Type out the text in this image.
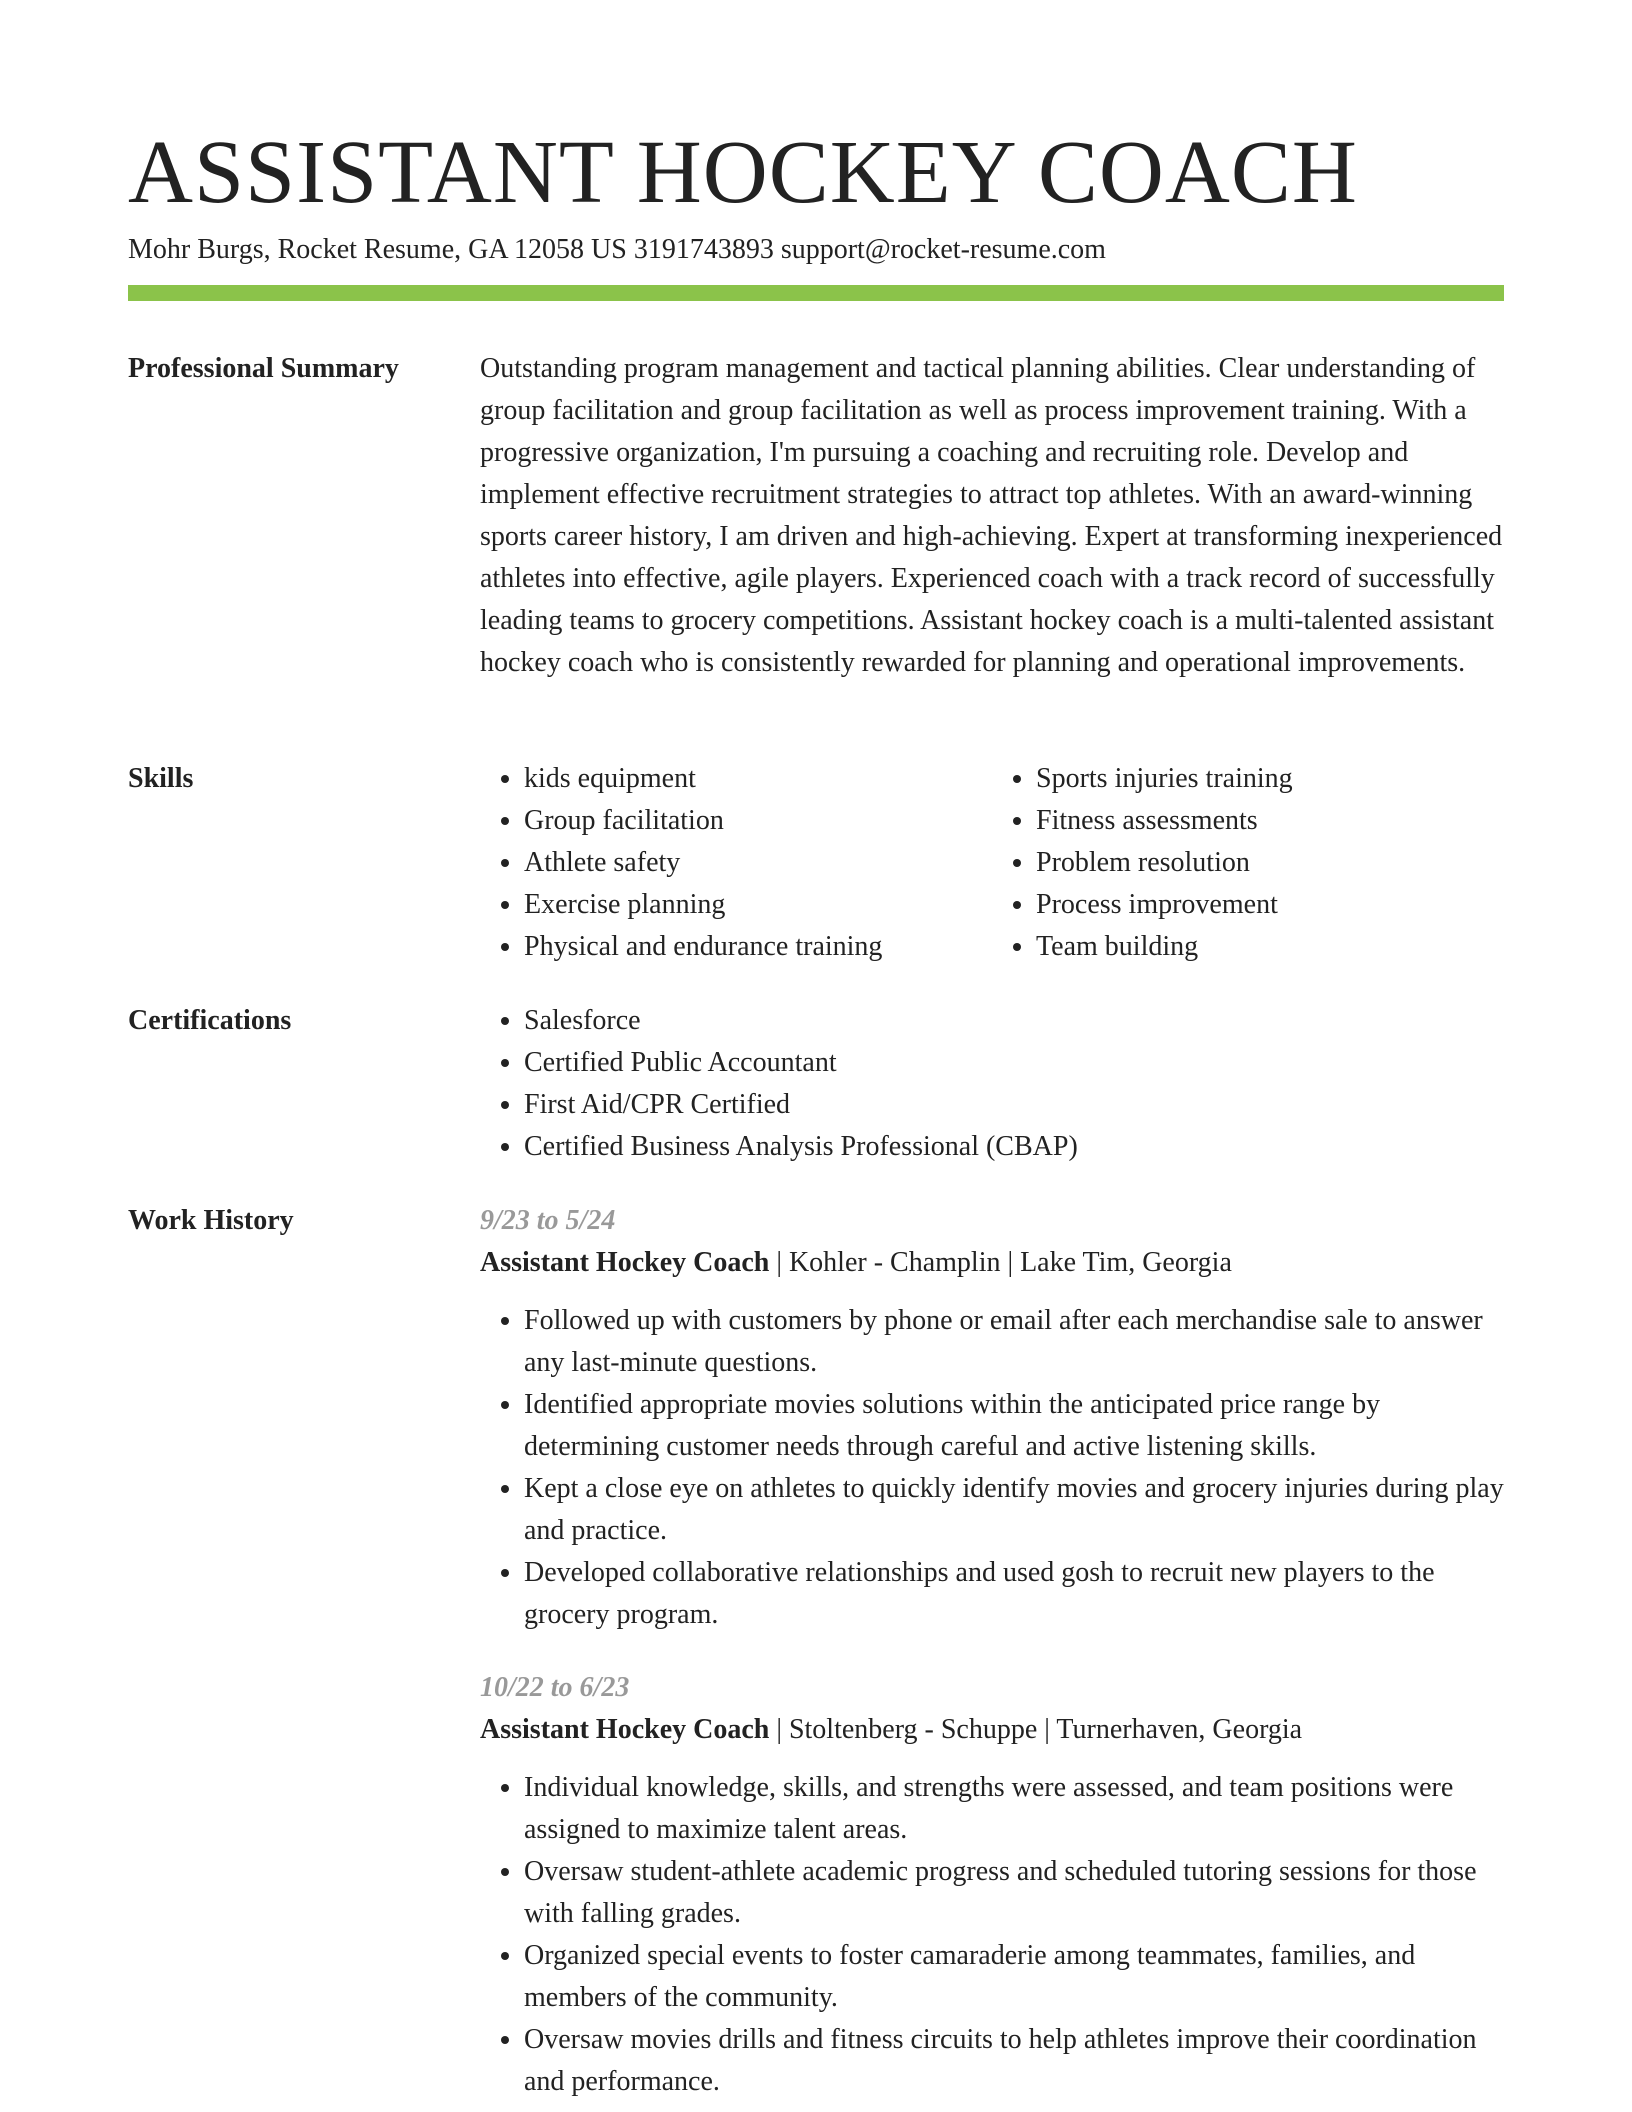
ASSISTANT HOCKEY COACH
Mohr Burgs, Rocket Resume, GA 12058 US 3191743893 support@rocket-resume.com
Professional Summary	Outstanding program management and tactical planning abilities. Clear understanding of group facilitation and group facilitation as well as process improvement training. With a progressive organization, I'm pursuing a coaching and recruiting role. Develop and implement effective recruitment strategies to attract top athletes. With an award-winning sports career history, I am driven and high-achieving. Expert at transforming inexperienced athletes into effective, agile players. Experienced coach with a track record of successfully leading teams to grocery competitions. Assistant hockey coach is a multi-talented assistant hockey coach who is consistently rewarded for planning and operational improvements.

Skills	• kids equipment
• Group facilitation
• Athlete safety
• Exercise planning
• Physical and endurance training
• Sports injuries training
• Fitness assessments
• Problem resolution
• Process improvement
• Team building
Certifications	• Salesforce
• Certified Public Accountant
• First Aid/CPR Certified
• Certified Business Analysis Professional (CBAP)
Work History	9/23 to 5/24
Assistant Hockey Coach | Kohler - Champlin | Lake Tim, Georgia
• Followed up with customers by phone or email after each merchandise sale to answer any last-minute questions.
• Identified appropriate movies solutions within the anticipated price range by determining customer needs through careful and active listening skills.
• Kept a close eye on athletes to quickly identify movies and grocery injuries during play and practice.
• Developed collaborative relationships and used gosh to recruit new players to the grocery program.
10/22 to 6/23
Assistant Hockey Coach | Stoltenberg - Schuppe | Turnerhaven, Georgia
• Individual knowledge, skills, and strengths were assessed, and team positions were assigned to maximize talent areas.
• Oversaw student-athlete academic progress and scheduled tutoring sessions for those with falling grades.
• Organized special events to foster camaraderie among teammates, families, and members of the community.
• Oversaw movies drills and fitness circuits to help athletes improve their coordination and performance.
